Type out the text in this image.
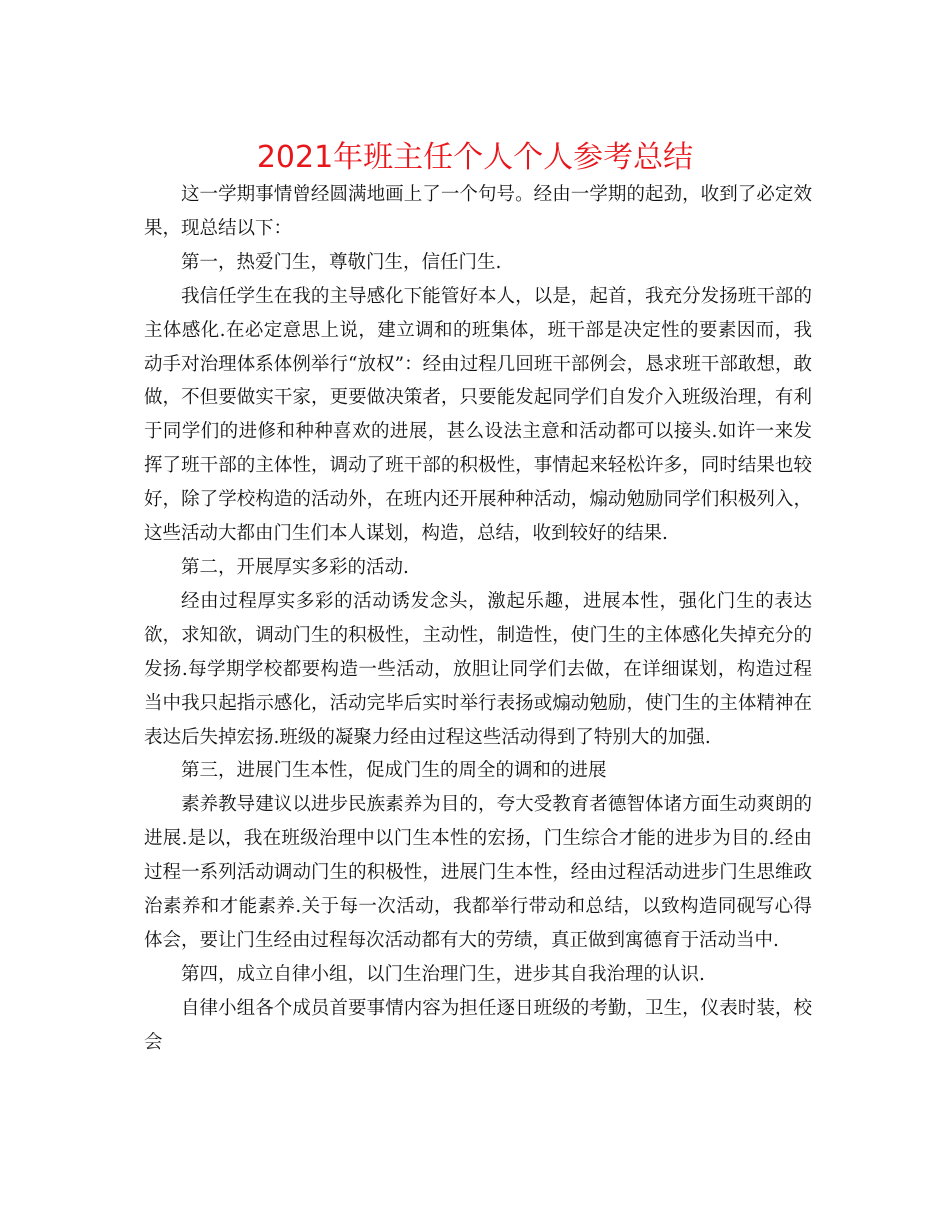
2021年班主任个人个人参考总结

这一学期事情曾经圆满地画上了一个句号。经由一学期的起劲，收到了必定效果，现总结以下：

第一，热爱门生，尊敬门生，信任门生.

我信任学生在我的主导感化下能管好本人，以是，起首，我充分发扬班干部的主体感化.在必定意思上说，建立调和的班集体，班干部是决定性的要素因而，我动手对治理体系体例举行“放权”：经由过程几回班干部例会，恳求班干部敢想，敢做，不但要做实干家，更要做决策者，只要能发起同学们自发介入班级治理，有利于同学们的进修和种种喜欢的进展，甚么设法主意和活动都可以接头.如许一来发挥了班干部的主体性，调动了班干部的积极性，事情起来轻松许多，同时结果也较好，除了学校构造的活动外，在班内还开展种种活动，煽动勉励同学们积极列入，这些活动大都由门生们本人谋划，构造，总结，收到较好的结果.

第二，开展厚实多彩的活动.

经由过程厚实多彩的活动诱发念头，激起乐趣，进展本性，强化门生的表达欲，求知欲，调动门生的积极性，主动性，制造性，使门生的主体感化失掉充分的发扬.每学期学校都要构造一些活动，放胆让同学们去做，在详细谋划，构造过程当中我只起指示感化，活动完毕后实时举行表扬或煽动勉励，使门生的主体精神在表达后失掉宏扬.班级的凝聚力经由过程这些活动得到了特别大的加强.

第三，进展门生本性，促成门生的周全的调和的进展

素养教导建议以进步民族素养为目的，夸大受教育者德智体诸方面生动爽朗的进展.是以，我在班级治理中以门生本性的宏扬，门生综合才能的进步为目的.经由过程一系列活动调动门生的积极性，进展门生本性，经由过程活动进步门生思维政治素养和才能素养.关于每一次活动，我都举行带动和总结，以致构造同砚写心得体会，要让门生经由过程每次活动都有大的劳绩，真正做到寓德育于活动当中.

第四，成立自律小组，以门生治理门生，进步其自我治理的认识.

自律小组各个成员首要事情内容为担任逐日班级的考勤，卫生，仪表时装，校会
